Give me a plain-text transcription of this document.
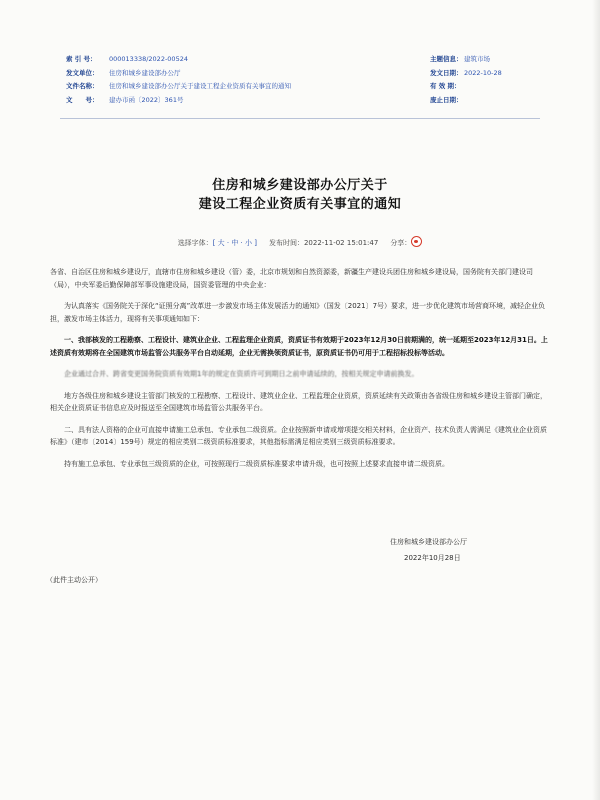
索 引 号： 000013338/2022-00524
发文单位： 住房和城乡建设部办公厅
文件名称： 住房和城乡建设部办公厅关于建设工程企业资质有关事宜的通知
文　　号： 建办市函〔2022〕361号
主题信息： 建筑市场
发文日期： 2022-10-28
有 效 期：
废止日期：
住房和城乡建设部办公厅关于
建设工程企业资质有关事宜的通知
选择字体：[ 大 · 中 · 小 ] 发布时间：2022-11-02 15:01:47 分享：

各省、自治区住房和城乡建设厅，直辖市住房和城乡建设（管）委，北京市规划和自然资源委，新疆生产建设兵团住房和城乡建设局，国务院有关部门建设司（局），中央军委后勤保障部军事设施建设局，国资委管理的中央企业：

为认真落实《国务院关于深化“证照分离”改革进一步激发市场主体发展活力的通知》（国发〔2021〕7号）要求，进一步优化建筑市场营商环境，减轻企业负担，激发市场主体活力，现将有关事项通知如下：

一、我部核发的工程勘察、工程设计、建筑业企业、工程监理企业资质，资质证书有效期于2023年12月30日前期满的，统一延期至2023年12月31日。上述资质有效期将在全国建筑市场监管公共服务平台自动延期，企业无需换领资质证书，原资质证书仍可用于工程招标投标等活动。

企业通过合并、跨省变更国务院资质有效期1年的规定在资质许可到期日之前申请延续的，按相关规定申请前换发。

地方各级住房和城乡建设主管部门核发的工程勘察、工程设计、建筑业企业、工程监理企业资质，资质延续有关政策由各省级住房和城乡建设主管部门确定，相关企业资质证书信息应及时报送至全国建筑市场监管公共服务平台。

二、具有法人资格的企业可直接申请施工总承包、专业承包二级资质。企业按照新申请或增项提交相关材料，企业资产、技术负责人需满足《建筑业企业资质标准》（建市〔2014〕159号）规定的相应类别二级资质标准要求，其他指标需满足相应类别三级资质标准要求。

持有施工总承包、专业承包三级资质的企业，可按照现行二级资质标准要求申请升级，也可按照上述要求直接申请二级资质。

住房和城乡建设部办公厅
2022年10月28日
（此件主动公开）
